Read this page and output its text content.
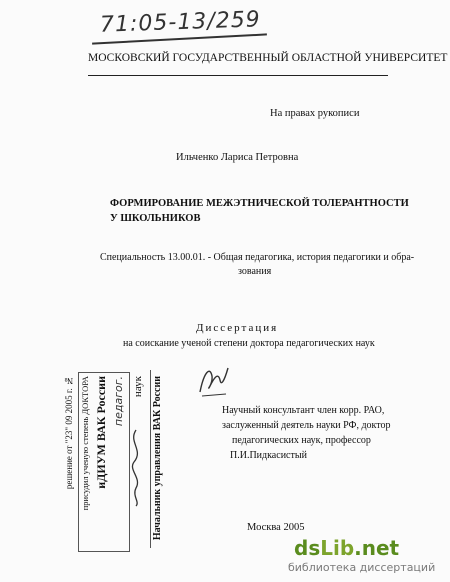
71:05-13/259
МОСКОВСКИЙ ГОСУДАРСТВЕННЫЙ ОБЛАСТНОЙ УНИВЕРСИТЕТ
На правах рукописи
Ильченко Лариса Петровна
ФОРМИРОВАНИЕ МЕЖЭТНИЧЕСКОЙ ТОЛЕРАНТНОСТИ У ШКОЛЬНИКОВ
Специальность 13.00.01. - Общая педагогика, история педагогики и обра-
зования
Диссертация
на соискание ученой степени доктора педагогических наук
Научный консультант член корр. РАО,
заслуженный деятель науки РФ, доктор
педагогических наук, профессор
П.И.Пидкасистый
решение от "23" 09 2005 г. № присудил ученую степень ДОКТОРА иДИУМ ВАК России педагог. наук Начальник управления ВАК России	Москва 2005
dsLib.net
библиотека диссертаций
